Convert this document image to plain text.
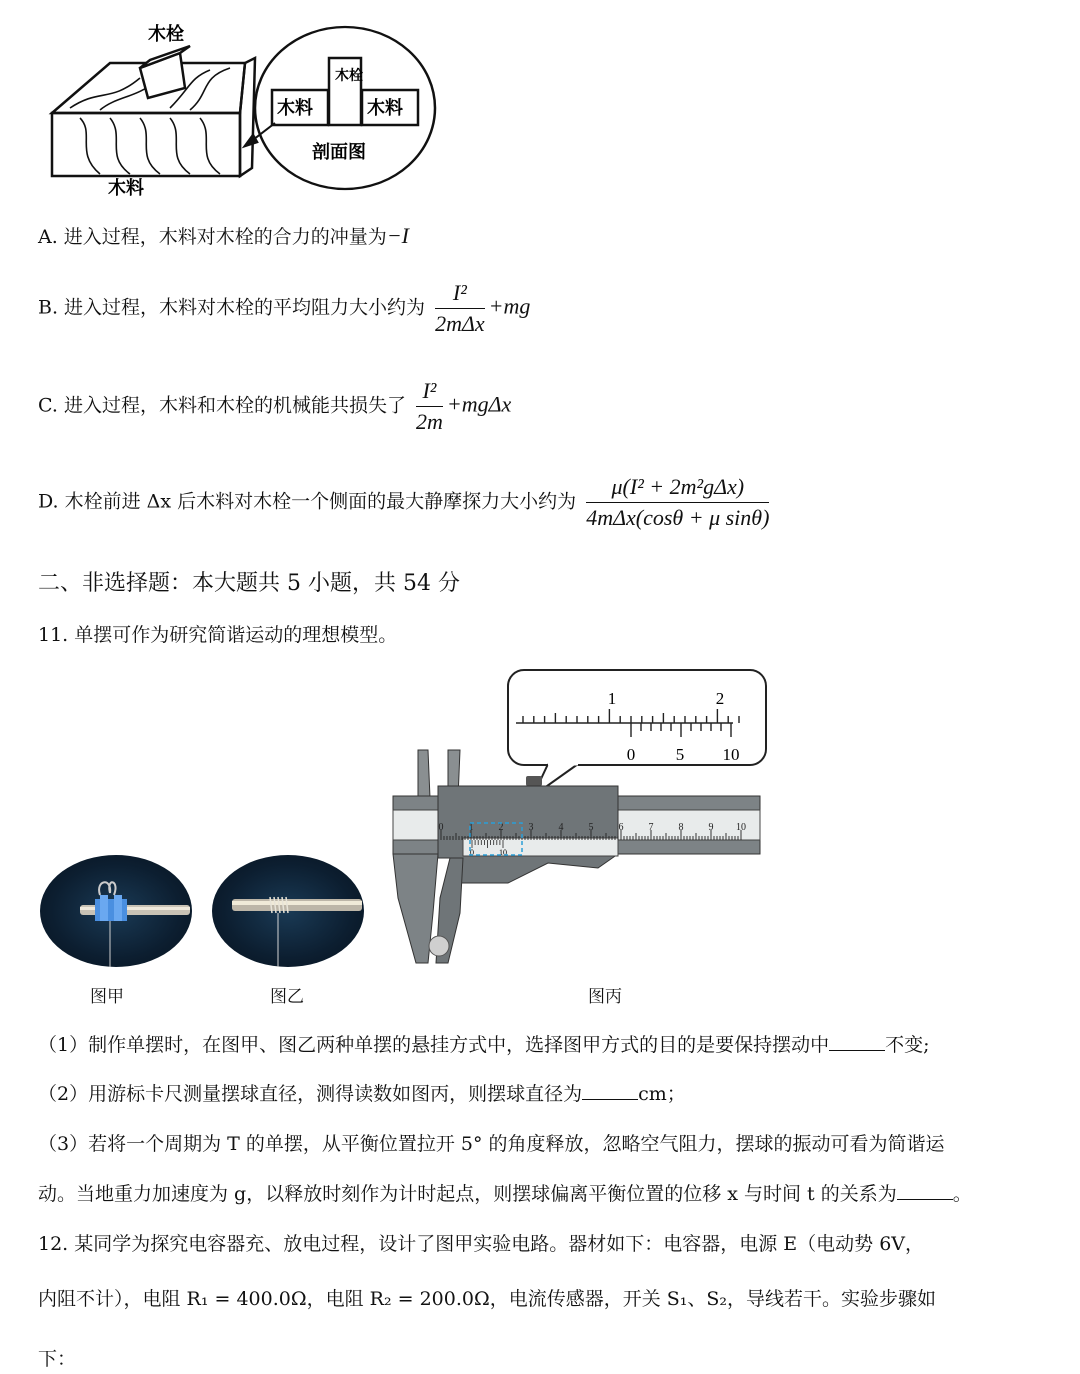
木栓
木料
木料	木料
木栓
剖面图
A. 进入过程，木料对木栓的合力的冲量为−I
B. 进入过程，木料对木栓的平均阻力大小约为 $\frac{\text{I²}}{\text{2mΔx}} +mg$
C. 进入过程，木料和木栓的机械能共损失了 $\frac{\text{I²}}{2m} +mg\Delta x$
D. 木栓前进 Δx 后木料对木栓一个侧面的最大静摩探力大小约为 $\frac{\text{μ(I² + 2m²gΔx)}}{\text{4mΔx(cosθ + μ sinθ)}}$
二、非选择题：本大题共 5 小题，共 54 分
11. 单摆可作为研究简谐运动的理想模型。
图甲	图乙	图丙
1	2
0 5 10
0	1	2	3	4	5	6	7	8	9 10
0	10
（1）制作单摆时，在图甲、图乙两种单摆的悬挂方式中，选择图甲方式的目的是要保持摆动中	不变;
（2）用游标卡尺测量摆球直径，测得读数如图丙，则摆球直径为	cm；
（3）若将一个周期为 T 的单摆，从平衡位置拉开 5° 的角度释放，忽略空气阻力，摆球的振动可看为简谐运
动。当地重力加速度为 g，以释放时刻作为计时起点，则摆球偏离平衡位置的位移 x 与时间 t 的关系为	。
12. 某同学为探究电容器充、放电过程，设计了图甲实验电路。器材如下：电容器，电源 E（电动势 6V，
内阻不计），电阻 R₁ = 400.0Ω，电阻 R₂ = 200.0Ω，电流传感器，开关 S₁、S₂，导线若干。实验步骤如
下：
